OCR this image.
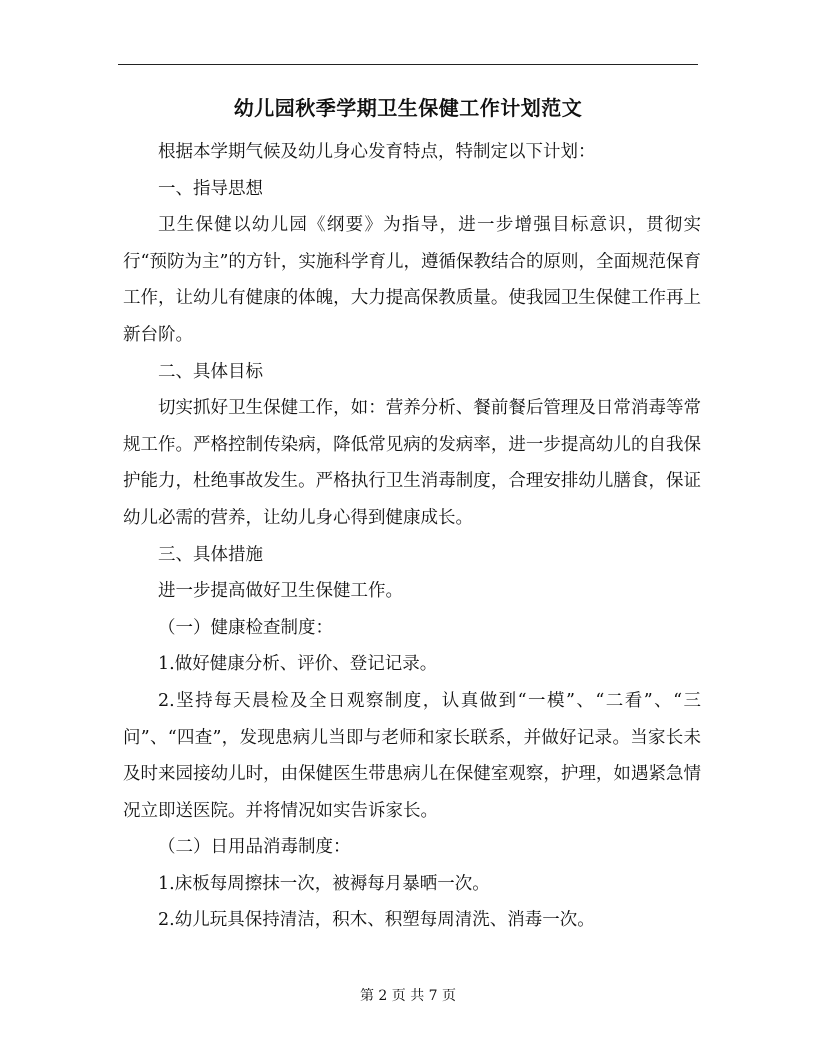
幼儿园秋季学期卫生保健工作计划范文

根据本学期气候及幼儿身心发育特点，特制定以下计划：

一、指导思想

卫生保健以幼儿园《纲要》为指导，进一步增强目标意识，贯彻实行“预防为主”的方针，实施科学育儿，遵循保教结合的原则，全面规范保育工作，让幼儿有健康的体魄，大力提高保教质量。使我园卫生保健工作再上新台阶。

二、具体目标

切实抓好卫生保健工作，如：营养分析、餐前餐后管理及日常消毒等常规工作。严格控制传染病，降低常见病的发病率，进一步提高幼儿的自我保护能力，杜绝事故发生。严格执行卫生消毒制度，合理安排幼儿膳食，保证幼儿必需的营养，让幼儿身心得到健康成长。

三、具体措施

进一步提高做好卫生保健工作。

（一）健康检查制度：

1.做好健康分析、评价、登记记录。

2.坚持每天晨检及全日观察制度，认真做到“一模”、“二看”、“三问”、“四查”，发现患病儿当即与老师和家长联系，并做好记录。当家长未及时来园接幼儿时，由保健医生带患病儿在保健室观察，护理，如遇紧急情况立即送医院。并将情况如实告诉家长。

（二）日用品消毒制度：

1.床板每周擦抹一次，被褥每月暴晒一次。

2.幼儿玩具保持清洁，积木、积塑每周清洗、消毒一次。

第 2 页 共 7 页
